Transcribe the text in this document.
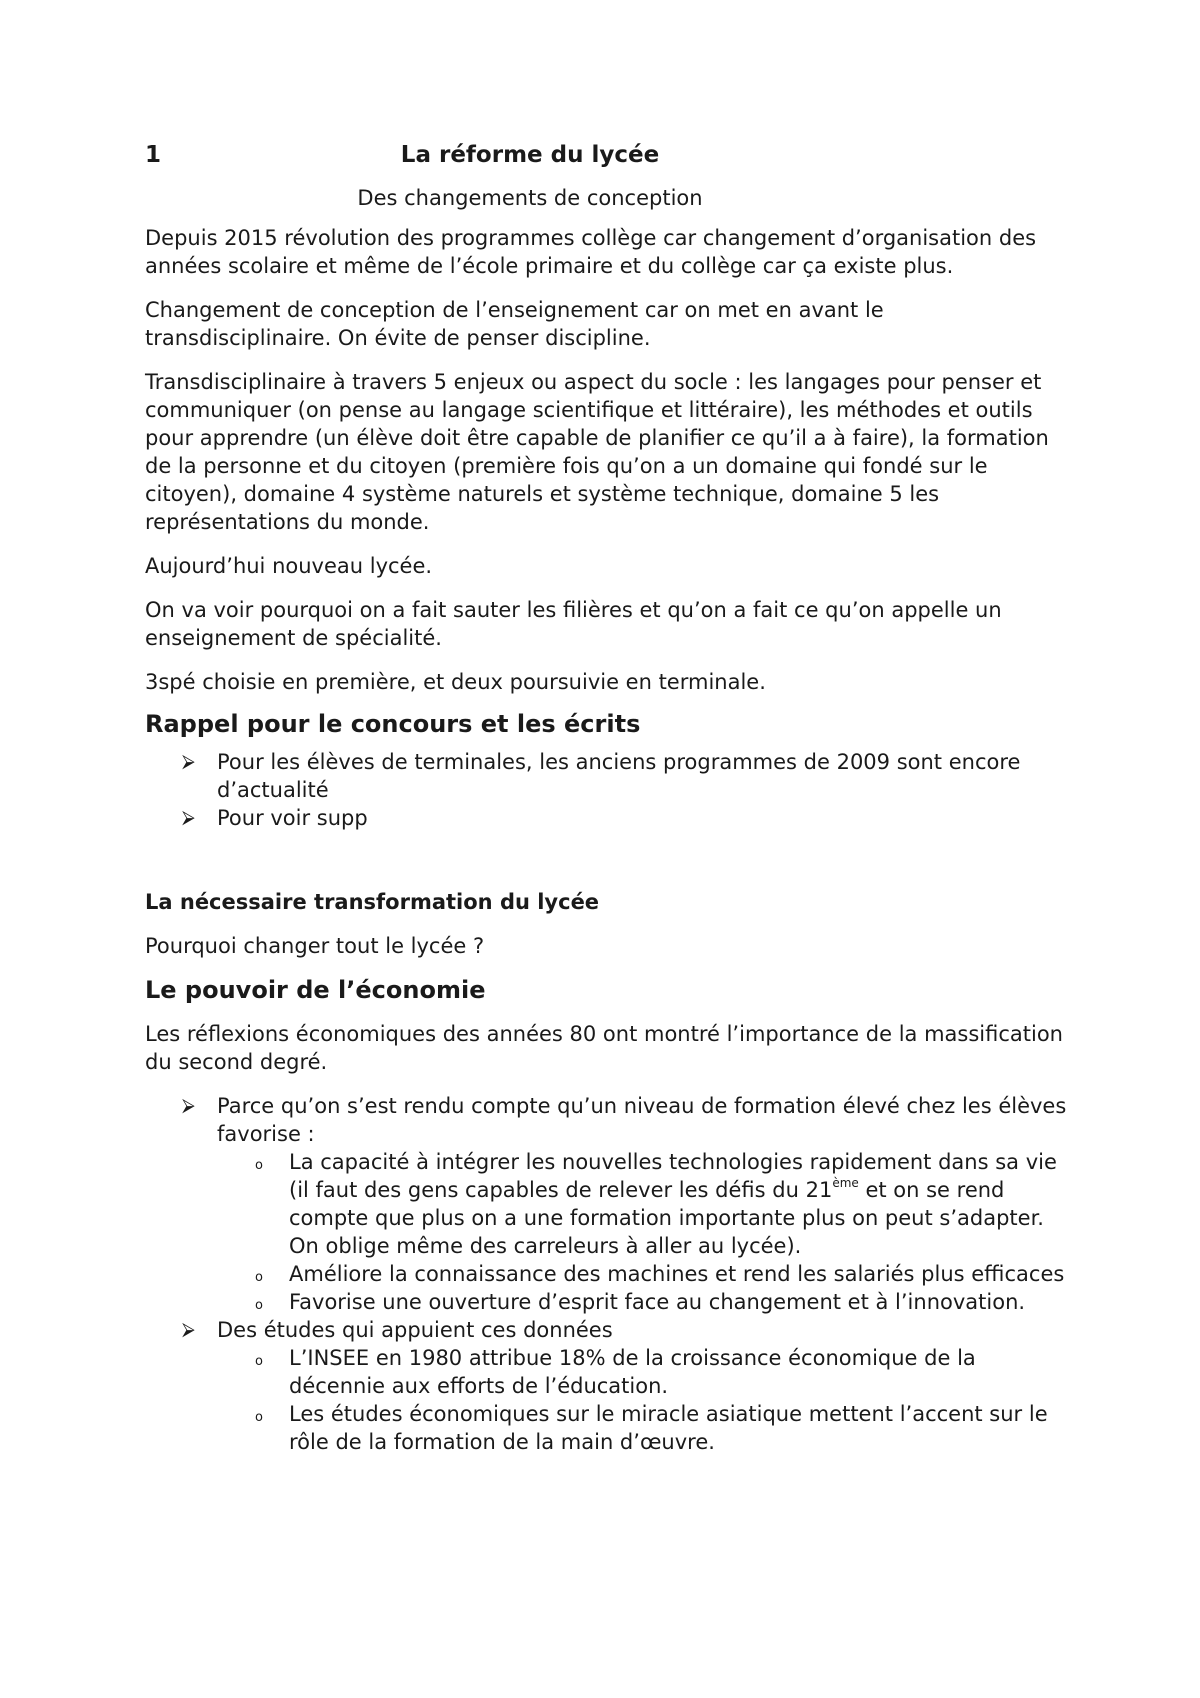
1	La réforme du lycée

Des changements de conception

Depuis 2015 révolution des programmes collège car changement d’organisation des années scolaire et même de l’école primaire et du collège car ça existe plus.

Changement de conception de l’enseignement car on met en avant le transdisciplinaire. On évite de penser discipline.

Transdisciplinaire à travers 5 enjeux ou aspect du socle : les langages pour penser et communiquer (on pense au langage scientifique et littéraire), les méthodes et outils pour apprendre (un élève doit être capable de planifier ce qu’il a à faire), la formation de la personne et du citoyen (première fois qu’on a un domaine qui fondé sur le citoyen), domaine 4 système naturels et système technique, domaine 5 les représentations du monde.

Aujourd’hui nouveau lycée.

On va voir pourquoi on a fait sauter les filières et qu’on a fait ce qu’on appelle un enseignement de spécialité.

3spé choisie en première, et deux poursuivie en terminale.

Rappel pour le concours et les écrits
⮚ Pour les élèves de terminales, les anciens programmes de 2009 sont encore d’actualité
⮚ Pour voir supp
La nécessaire transformation du lycée

Pourquoi changer tout le lycée ?

Le pouvoir de l’économie

Les réflexions économiques des années 80 ont montré l’importance de la massification du second degré.

⮚ Parce qu’on s’est rendu compte qu’un niveau de formation élevé chez les élèves favorise :
o La capacité à intégrer les nouvelles technologies rapidement dans sa vie (il faut des gens capables de relever les défis du 21ème et on se rend compte que plus on a une formation importante plus on peut s’adapter. On oblige même des carreleurs à aller au lycée).
o Améliore la connaissance des machines et rend les salariés plus efficaces
o Favorise une ouverture d’esprit face au changement et à l’innovation.
⮚ Des études qui appuient ces données
o L’INSEE en 1980 attribue 18% de la croissance économique de la décennie aux efforts de l’éducation.
o Les études économiques sur le miracle asiatique mettent l’accent sur le rôle de la formation de la main d’œuvre.
